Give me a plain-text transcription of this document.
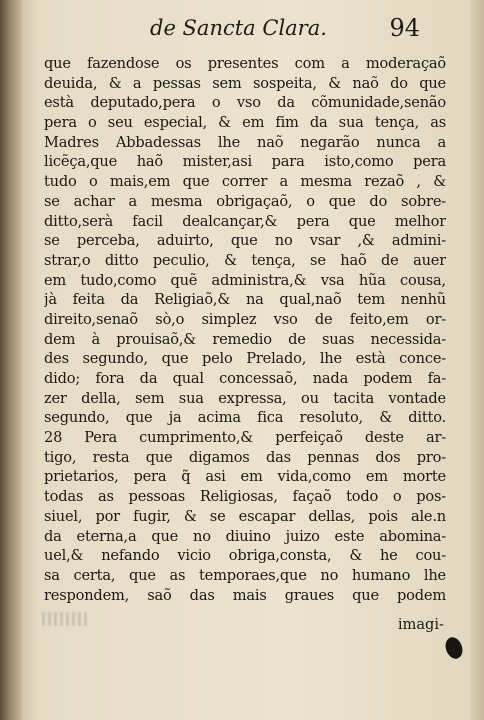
de Sancta Clara.	94
que fazendose os presentes com a moderaçaõ
deuida, & a pessas sem sospeita, & naõ do que
està deputado,pera o vso da cõmunidade,senão
pera o seu especial, & em fim da sua tença, as
Madres Abbadessas lhe naõ negarão nunca a
licẽça,que haõ mister,asi para isto,como pera
tudo o mais,em que correr a mesma rezaõ , &
se achar a mesma obrigaçaõ, o que do sobre-
ditto,serà facil dealcançar,& pera que melhor
se perceba, aduirto, que no vsar ,& admini-
strar,o ditto peculio, & tença, se haõ de auer
em tudo,como quẽ administra,& vsa hũa cousa,
jà feita da Religiaõ,& na qual,naõ tem nenhũ
direito,senaõ sò,o simplez vso de feito,em or-
dem à prouisaõ,& remedio de suas necessida-
des segundo, que pelo Prelado, lhe està conce-
dido; fora da qual concessaõ, nada podem fa-
zer della, sem sua expressa, ou tacita vontade
segundo, que ja acima fica resoluto, & ditto.
28 Pera cumprimento,& perfeiçaõ deste ar-
tigo, resta que digamos das pennas dos pro-
prietarios, pera q̃ asi em vida,como em morte
todas as pessoas Religiosas, façaõ todo o pos-
siuel, por fugir, & se escapar dellas, pois ale.n
da eterna,a que no diuino juizo este abomina-
uel,& nefando vicio obriga,consta, & he cou-
sa certa, que as temporaes,que no humano lhe
respondem, saõ das mais graues que podem
imagi-
